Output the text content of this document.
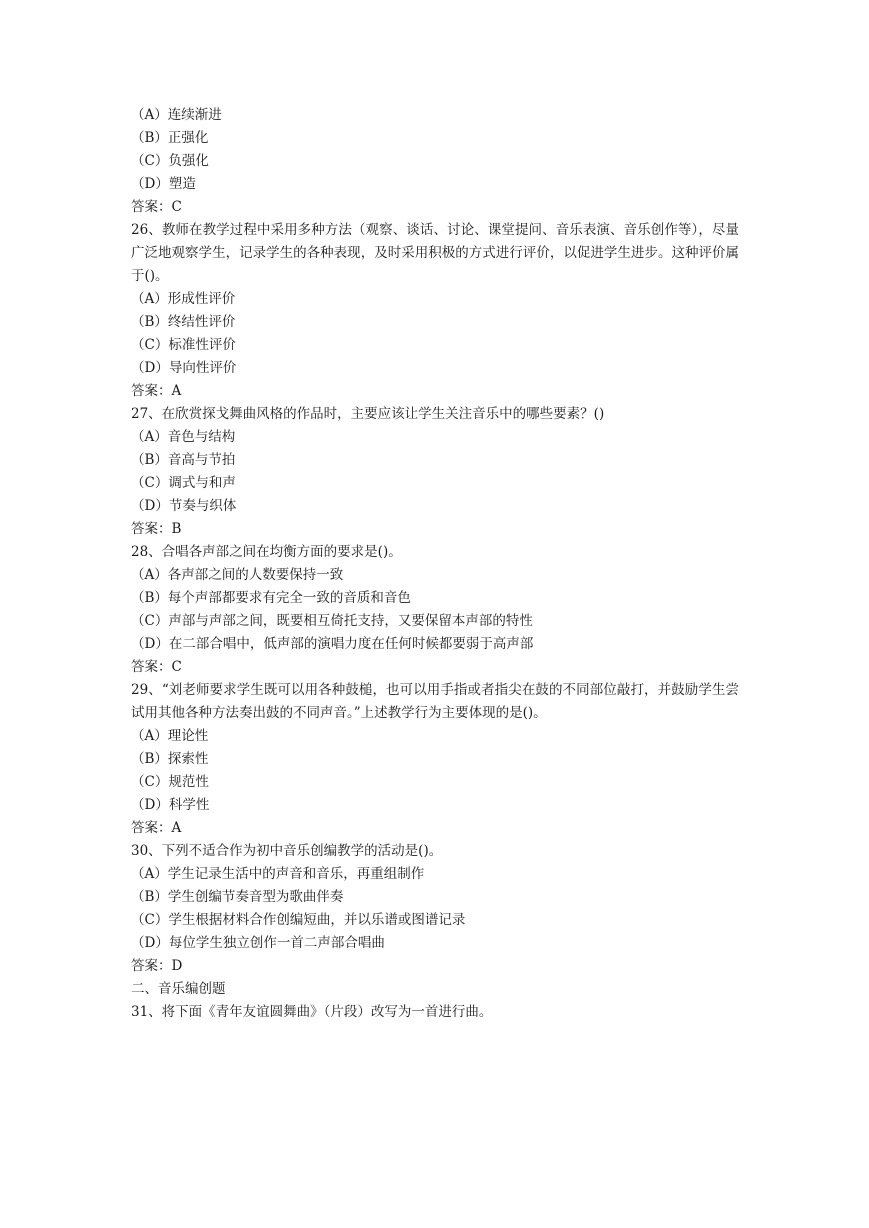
（A）连续渐进
（B）正强化
（C）负强化
（D）塑造
答案：C
26、教师在教学过程中采用多种方法（观察、谈话、讨论、课堂提问、音乐表演、音乐创作等），尽量广泛地观察学生，记录学生的各种表现，及时采用积极的方式进行评价，以促进学生进步。这种评价属于()。
（A）形成性评价
（B）终结性评价
（C）标准性评价
（D）导向性评价
答案：A
27、在欣赏探戈舞曲风格的作品时，主要应该让学生关注音乐中的哪些要素？()
（A）音色与结构
（B）音高与节拍
（C）调式与和声
（D）节奏与织体
答案：B
28、合唱各声部之间在均衡方面的要求是()。
（A）各声部之间的人数要保持一致
（B）每个声部都要求有完全一致的音质和音色
（C）声部与声部之间，既要相互倚托支持，又要保留本声部的特性
（D）在二部合唱中，低声部的演唱力度在任何时候都要弱于高声部
答案：C
29、“刘老师要求学生既可以用各种鼓槌，也可以用手指或者指尖在鼓的不同部位敲打，并鼓励学生尝试用其他各种方法奏出鼓的不同声音。”上述教学行为主要体现的是()。
（A）理论性
（B）探索性
（C）规范性
（D）科学性
答案：A
30、下列不适合作为初中音乐创编教学的活动是()。
（A）学生记录生活中的声音和音乐，再重组制作
（B）学生创编节奏音型为歌曲伴奏
（C）学生根据材料合作创编短曲，并以乐谱或图谱记录
（D）每位学生独立创作一首二声部合唱曲
答案：D
二、音乐编创题
31、将下面《青年友谊圆舞曲》（片段）改写为一首进行曲。
